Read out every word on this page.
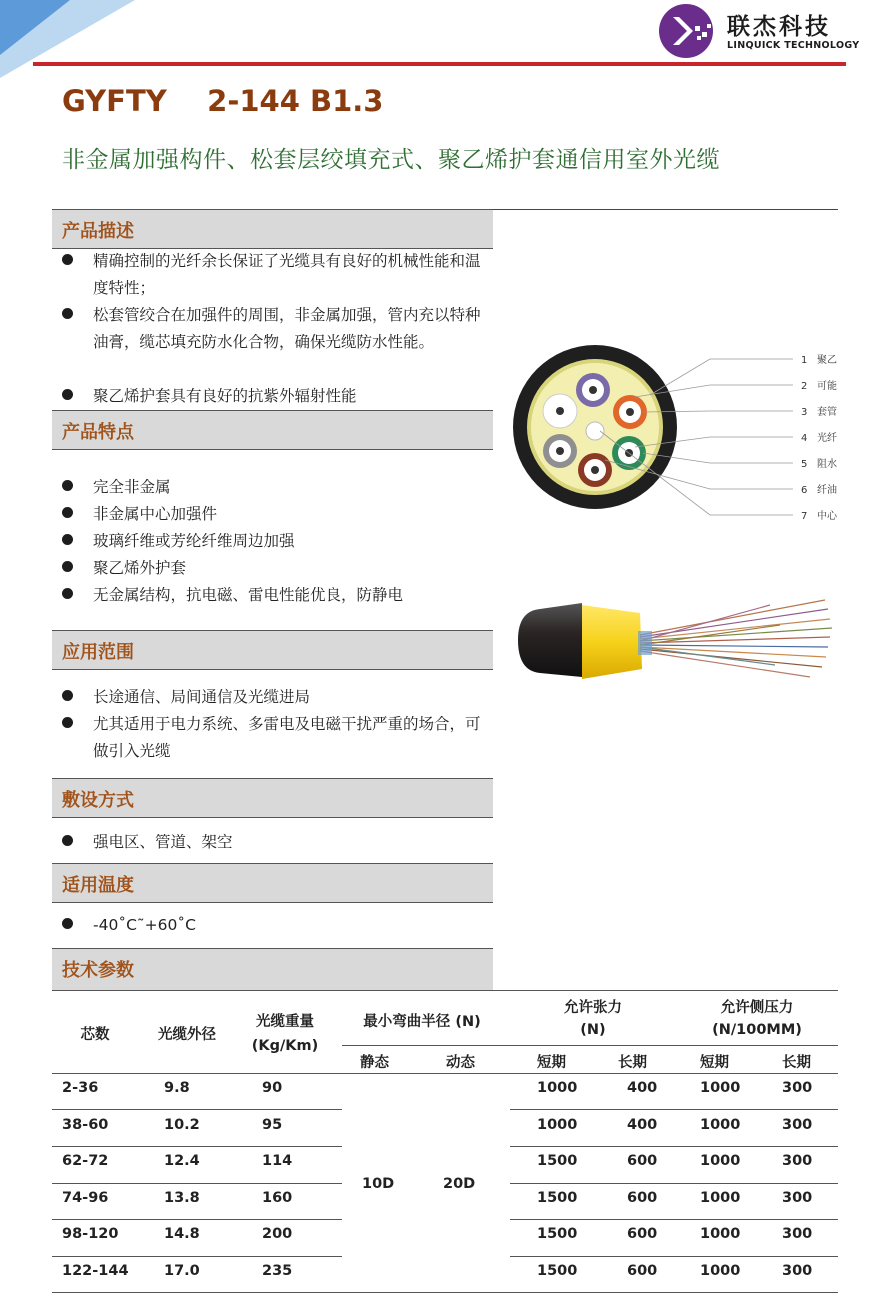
联杰科技
LINQUICK TECHNOLOGY
GYFTY    2-144 B1.3
非金属加强构件、松套层绞填充式、聚乙烯护套通信用室外光缆
产品描述
精确控制的光纤余长保证了光缆具有良好的机械性能和温度特性；
松套管绞合在加强件的周围，非金属加强，管内充以特种油膏，缆芯填充防水化合物，确保光缆防水性能。
聚乙烯护套具有良好的抗紫外辐射性能
产品特点
完全非金属
非金属中心加强件
玻璃纤维或芳纶纤维周边加强
聚乙烯外护套
无金属结构，抗电磁、雷电性能优良，防静电
应用范围
长途通信、局间通信及光缆进局
尤其适用于电力系统、多雷电及电磁干扰严重的场合，可做引入光缆
敷设方式
强电区、管道、架空
适用温度
-40˚C˜+60˚C
技术参数
1 聚乙
2 可能
3 套管
4 光纤
5 阻水
6 纤油
7 中心
芯数	光缆外径
光缆重量
(Kg/Km)
最小弯曲半径 (N)
允许张力
(N)
允许侧压力
(N/100MM)
静态	动态	短期	长期	短期	长期
10D	20D
2-36	9.8	90	1000	400	1000	300
38-60	10.2	95	1000	400	1000	300
62-72	12.4	114	1500	600	1000	300
74-96	13.8	160	1500	600	1000	300
98-120	14.8	200	1500	600	1000	300
122-144 17.0	235	1500	600	1000	300
